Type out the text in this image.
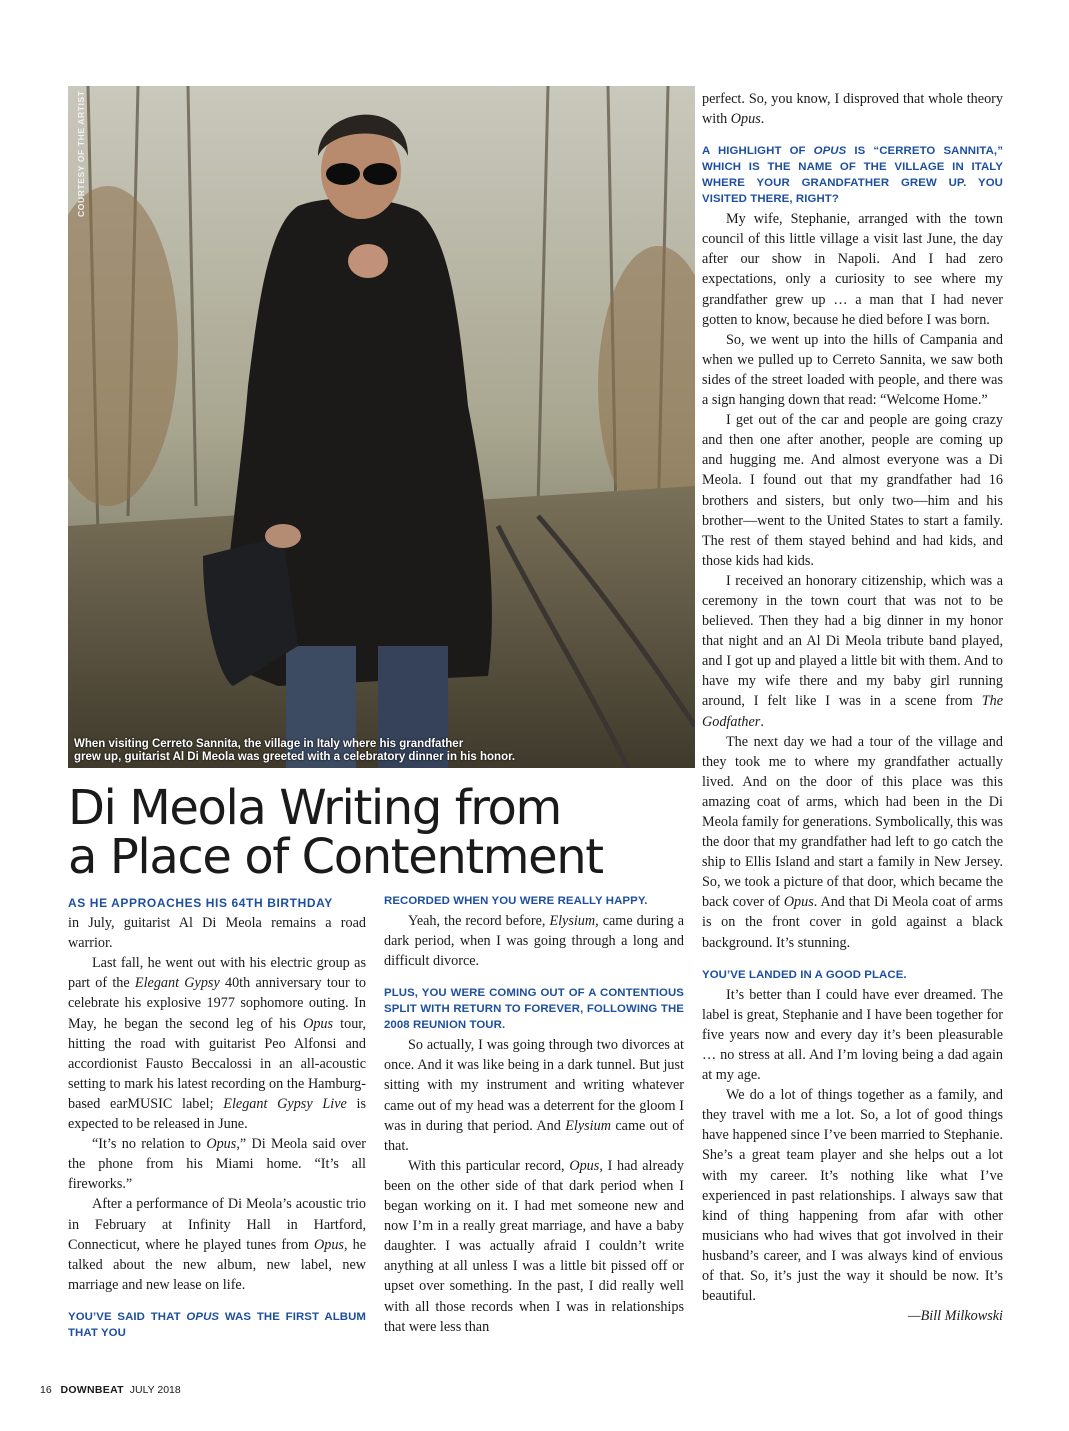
COURTESY OF THE ARTIST
When visiting Cerreto Sannita, the village in Italy where his grandfather
grew up, guitarist Al Di Meola was greeted with a celebratory dinner in his honor.
Di Meola Writing from
a Place of Contentment

AS HE APPROACHES HIS 64TH BIRTHDAY
in July, guitarist Al Di Meola remains a road warrior.

Last fall, he went out with his electric group as part of the Elegant Gypsy 40th anniversary tour to celebrate his explosive 1977 sophomore outing. In May, he began the second leg of his Opus tour, hitting the road with guitarist Peo Alfonsi and accordionist Fausto Beccalossi in an all-acoustic setting to mark his latest recording on the Hamburg-based earMUSIC label; Elegant Gypsy Live is expected to be released in June.

“It’s no relation to Opus,” Di Meola said over the phone from his Miami home. “It’s all fireworks.”

After a performance of Di Meola’s acoustic trio in February at Infinity Hall in Hartford, Connecticut, where he played tunes from Opus, he talked about the new album, new label, new marriage and new lease on life.

YOU’VE SAID THAT OPUS WAS THE FIRST ALBUM THAT YOU
RECORDED WHEN YOU WERE REALLY HAPPY.

Yeah, the record before, Elysium, came during a dark period, when I was going through a long and difficult divorce.

PLUS, YOU WERE COMING OUT OF A CONTENTIOUS SPLIT WITH RETURN TO FOREVER, FOLLOWING THE 2008 REUNION TOUR.

So actually, I was going through two divorces at once. And it was like being in a dark tunnel. But just sitting with my instrument and writing whatever came out of my head was a deterrent for the gloom I was in during that period. And Elysium came out of that.

With this particular record, Opus, I had already been on the other side of that dark period when I began working on it. I had met someone new and now I’m in a really great marriage, and have a baby daughter. I was actually afraid I couldn’t write anything at all unless I was a little bit pissed off or upset over something. In the past, I did really well with all those records when I was in relationships that were less than

perfect. So, you know, I disproved that whole theory with Opus.

A HIGHLIGHT OF OPUS IS “CERRETO SANNITA,” WHICH IS THE NAME OF THE VILLAGE IN ITALY WHERE YOUR GRANDFATHER GREW UP. YOU VISITED THERE, RIGHT?

My wife, Stephanie, arranged with the town council of this little village a visit last June, the day after our show in Napoli. And I had zero expectations, only a curiosity to see where my grandfather grew up … a man that I had never gotten to know, because he died before I was born.

So, we went up into the hills of Campania and when we pulled up to Cerreto Sannita, we saw both sides of the street loaded with people, and there was a sign hanging down that read: “Welcome Home.”

I get out of the car and people are going crazy and then one after another, people are coming up and hugging me. And almost everyone was a Di Meola. I found out that my grandfather had 16 brothers and sisters, but only two—him and his brother—went to the United States to start a family. The rest of them stayed behind and had kids, and those kids had kids.

I received an honorary citizenship, which was a ceremony in the town court that was not to be believed. Then they had a big dinner in my honor that night and an Al Di Meola tribute band played, and I got up and played a little bit with them. And to have my wife there and my baby girl running around, I felt like I was in a scene from The Godfather.

The next day we had a tour of the village and they took me to where my grandfather actually lived. And on the door of this place was this amazing coat of arms, which had been in the Di Meola family for generations. Symbolically, this was the door that my grandfather had left to go catch the ship to Ellis Island and start a family in New Jersey. So, we took a picture of that door, which became the back cover of Opus. And that Di Meola coat of arms is on the front cover in gold against a black background. It’s stunning.

YOU’VE LANDED IN A GOOD PLACE.

It’s better than I could have ever dreamed. The label is great, Stephanie and I have been together for five years now and every day it’s been pleasurable … no stress at all. And I’m loving being a dad again at my age.

We do a lot of things together as a family, and they travel with me a lot. So, a lot of good things have happened since I’ve been married to Stephanie. She’s a great team player and she helps out a lot with my career. It’s nothing like what I’ve experienced in past relationships. I always saw that kind of thing happening from afar with other musicians who had wives that got involved in their husband’s career, and I was always kind of envious of that. So, it’s just the way it should be now. It’s beautiful.

—Bill Milkowski

16 DOWNBEAT JULY 2018
